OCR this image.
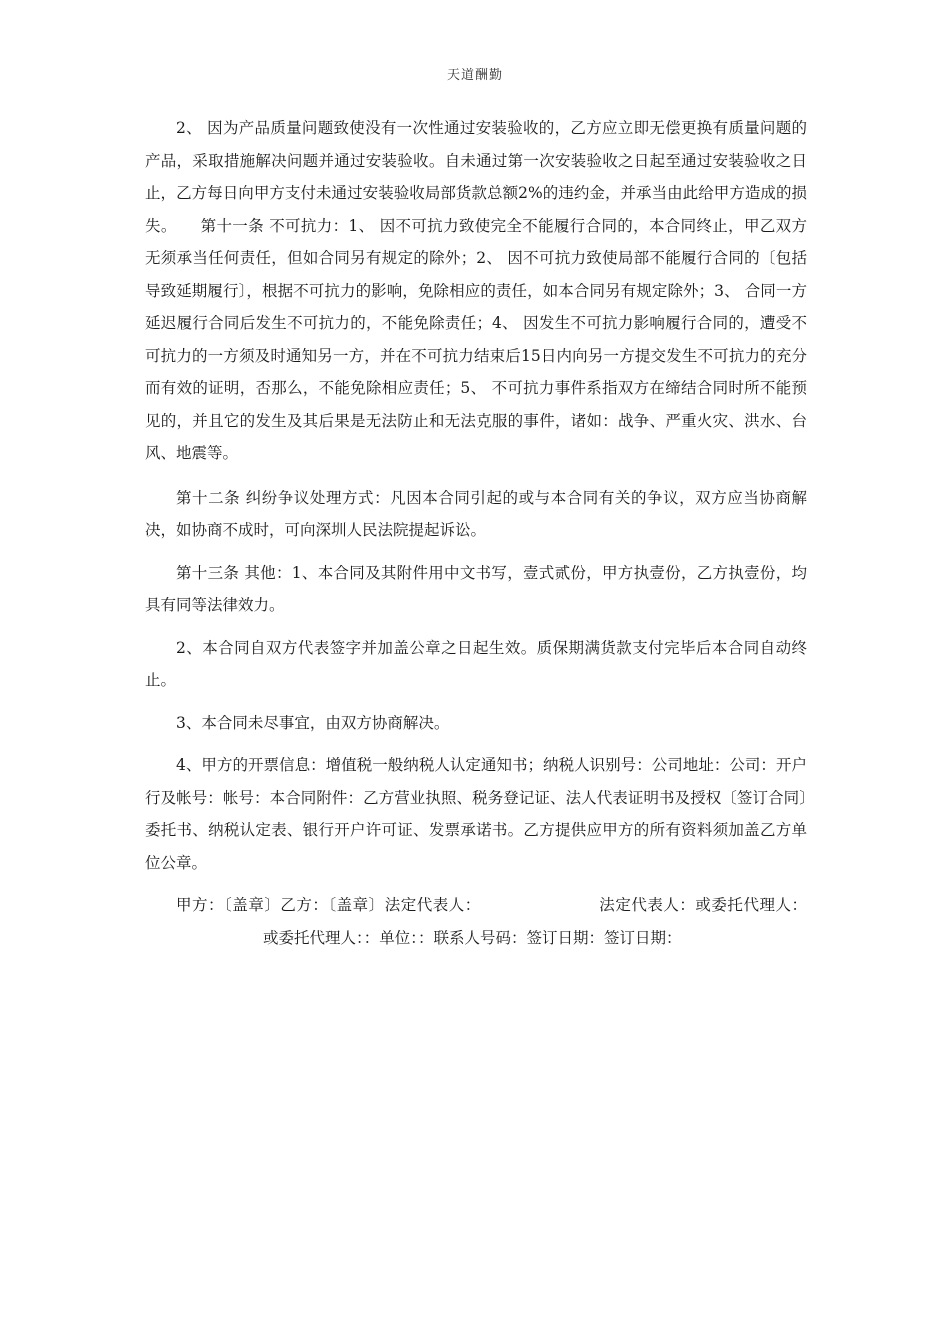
天道酬勤

2、 因为产品质量问题致使没有一次性通过安装验收的，乙方应立即无偿更换有质量问题的产品，采取措施解决问题并通过安装验收。自未通过第一次安装验收之日起至通过安装验收之日止，乙方每日向甲方支付未通过安装验收局部货款总额2%的违约金，并承当由此给甲方造成的损失。　　第十一条 不可抗力：1、 因不可抗力致使完全不能履行合同的，本合同终止，甲乙双方无须承当任何责任，但如合同另有规定的除外；2、 因不可抗力致使局部不能履行合同的〔包括导致延期履行〕，根据不可抗力的影响，免除相应的责任，如本合同另有规定除外；3、 合同一方延迟履行合同后发生不可抗力的，不能免除责任；4、 因发生不可抗力影响履行合同的，遭受不可抗力的一方须及时通知另一方，并在不可抗力结束后15日内向另一方提交发生不可抗力的充分而有效的证明，否那么，不能免除相应责任；5、 不可抗力事件系指双方在缔结合同时所不能预见的，并且它的发生及其后果是无法防止和无法克服的事件，诸如：战争、严重火灾、洪水、台风、地震等。

第十二条 纠纷争议处理方式：凡因本合同引起的或与本合同有关的争议，双方应当协商解决，如协商不成时，可向深圳人民法院提起诉讼。

第十三条 其他：1、本合同及其附件用中文书写，壹式贰份，甲方执壹份，乙方执壹份，均具有同等法律效力。

2、本合同自双方代表签字并加盖公章之日起生效。质保期满货款支付完毕后本合同自动终止。

3、本合同未尽事宜，由双方协商解决。

4、甲方的开票信息：增值税一般纳税人认定通知书；纳税人识别号：公司地址：公司：开户行及帐号：帐号：本合同附件：乙方营业执照、税务登记证、法人代表证明书及授权〔签订合同〕委托书、纳税认定表、银行开户许可证、发票承诺书。乙方提供应甲方的所有资料须加盖乙方单位公章。

甲方：〔盖章〕乙方：〔盖章〕法定代表人：	法定代表人：或委托代理人：或委托代理人：：单位：：联系人号码：签订日期：签订日期：
